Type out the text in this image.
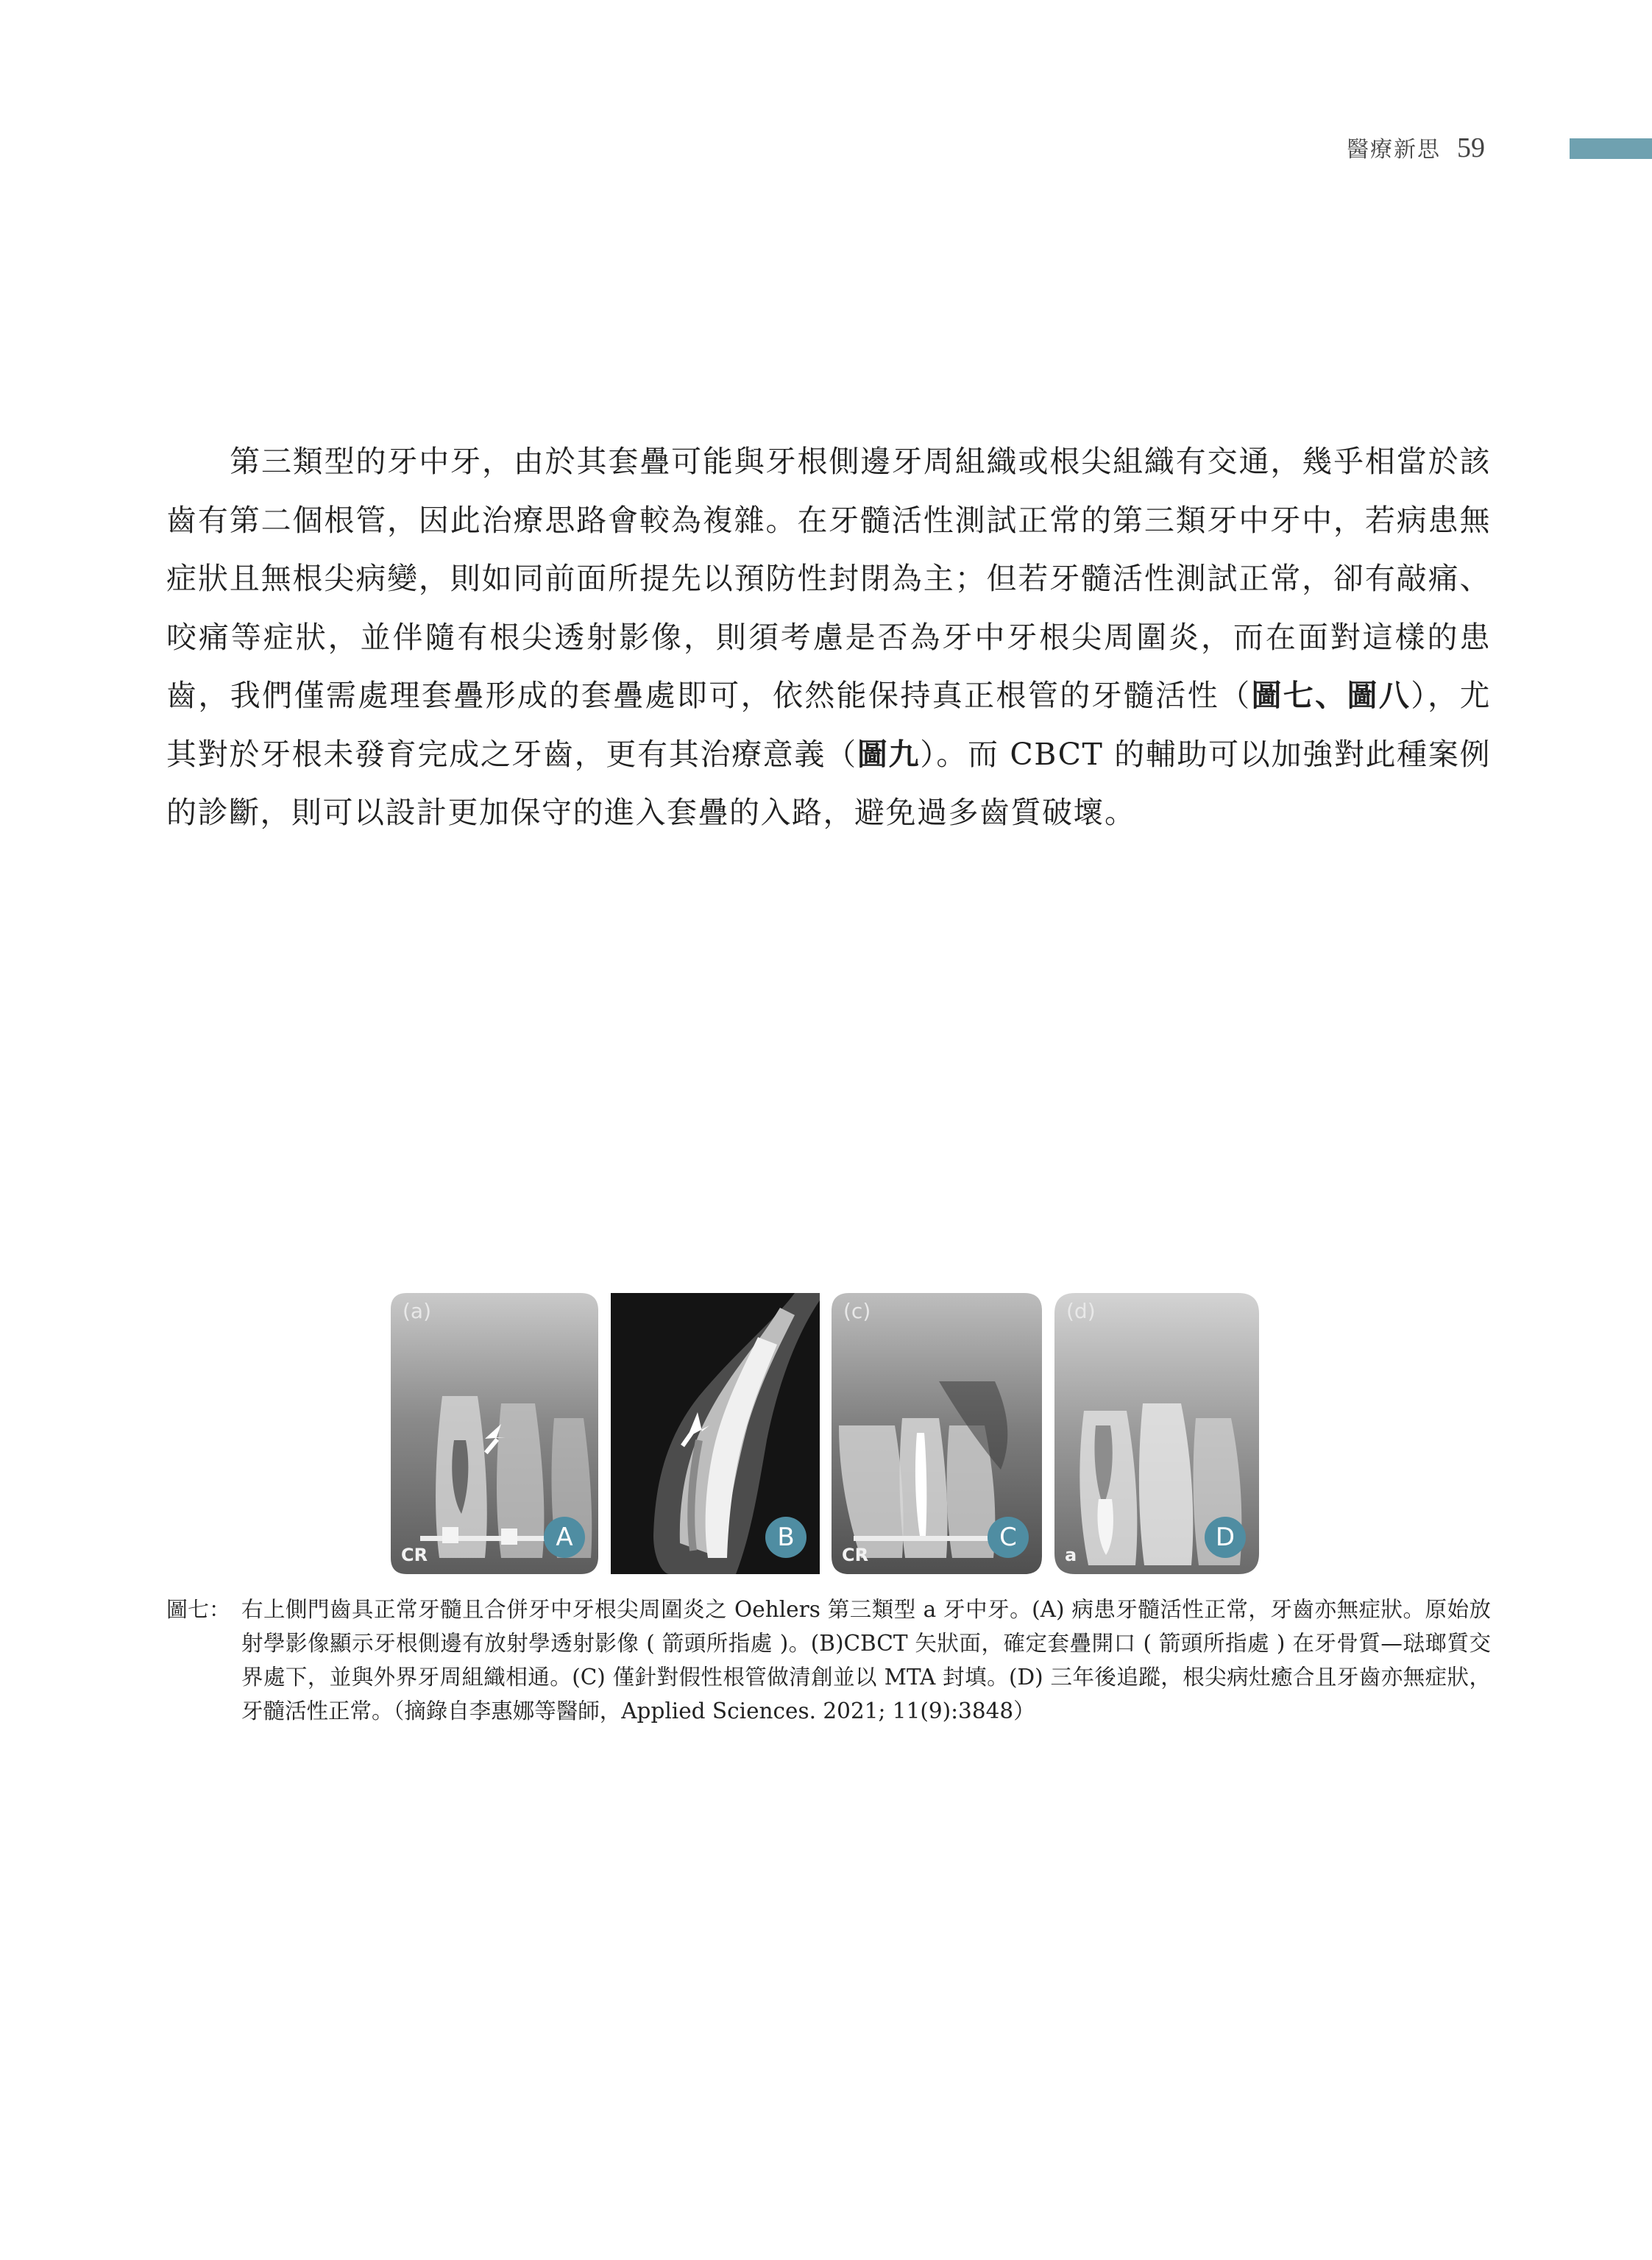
醫療新思 59

第三類型的牙中牙，由於其套疊可能與牙根側邊牙周組織或根尖組織有交通，幾乎相當於該齒有第二個根管，因此治療思路會較為複雜。在牙髓活性測試正常的第三類牙中牙中，若病患無症狀且無根尖病變，則如同前面所提先以預防性封閉為主；但若牙髓活性測試正常，卻有敲痛、咬痛等症狀，並伴隨有根尖透射影像，則須考慮是否為牙中牙根尖周圍炎，而在面對這樣的患齒，我們僅需處理套疊形成的套疊處即可，依然能保持真正根管的牙髓活性（圖七、圖八），尤其對於牙根未發育完成之牙齒，更有其治療意義（圖九）。而 CBCT 的輔助可以加強對此種案例的診斷，則可以設計更加保守的進入套疊的入路，避免過多齒質破壞。

(a)
CR
A	B
(c)
CR
C
(d)
a
D
圖七： 右上側門齒具正常牙髓且合併牙中牙根尖周圍炎之 Oehlers 第三類型 a 牙中牙。(A) 病患牙髓活性正常，牙齒亦無症狀。原始放射學影像顯示牙根側邊有放射學透射影像 ( 箭頭所指處 )。(B)CBCT 矢狀面，確定套疊開口 ( 箭頭所指處 ) 在牙骨質—琺瑯質交界處下，並與外界牙周組織相通。(C) 僅針對假性根管做清創並以 MTA 封填。(D) 三年後追蹤，根尖病灶癒合且牙齒亦無症狀，牙髓活性正常。（摘錄自李惠娜等醫師，Applied Sciences. 2021; 11(9):3848）
